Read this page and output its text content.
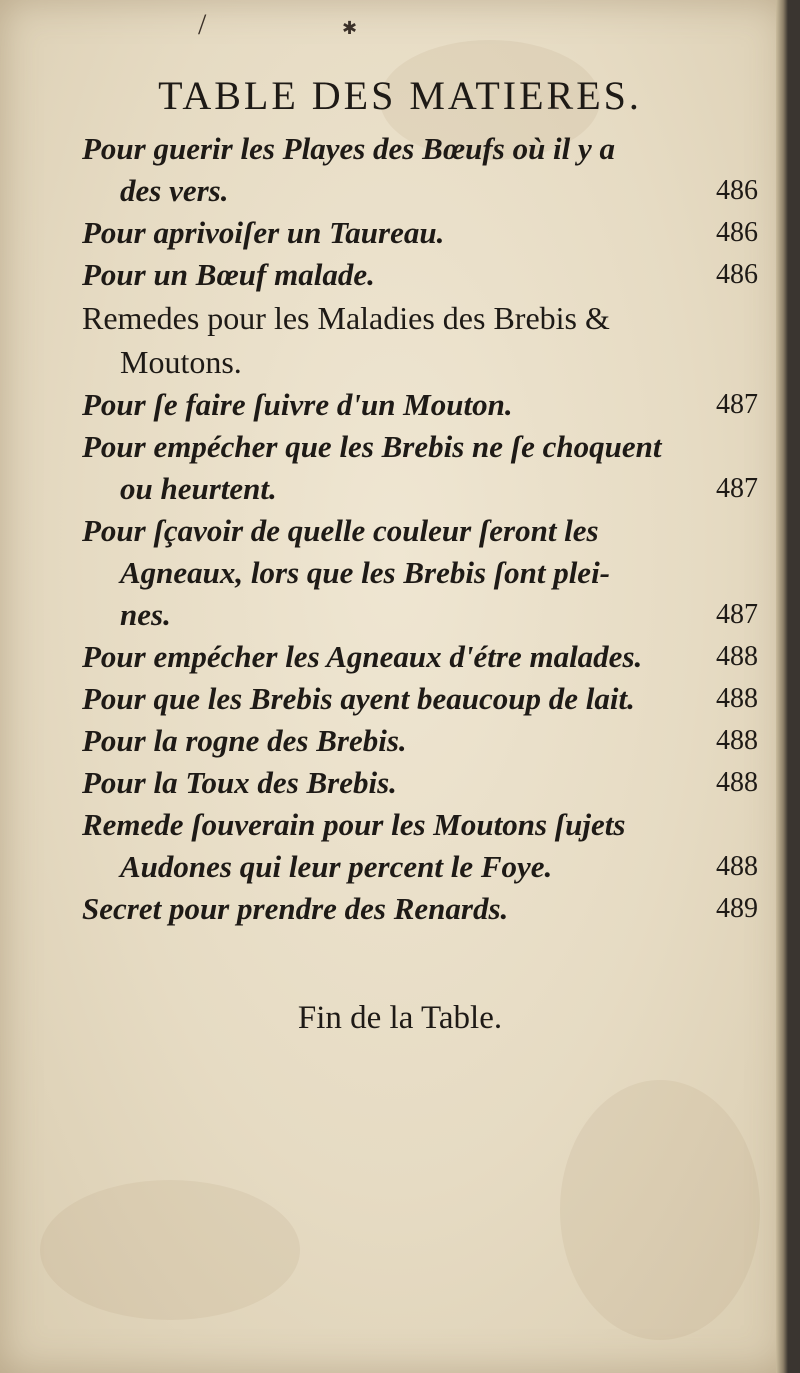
/	✱
TABLE DES MATIERES.
Pour guerir les Playes des Bœufs où il y a
des vers.	486
Pour aprivoiſer un Taureau.	486
Pour un Bœuf malade.	486
Remedes pour les Maladies des Brebis &
Moutons.
Pour ſe faire ſuivre d'un Mouton.	487
Pour empécher que les Brebis ne ſe choquent
ou heurtent.	487
Pour ſçavoir de quelle couleur ſeront les
Agneaux, lors que les Brebis ſont plei-
nes.	487
Pour empécher les Agneaux d'étre malades.	488
Pour que les Brebis ayent beaucoup de lait.	488
Pour la rogne des Brebis.	488
Pour la Toux des Brebis.	488
Remede ſouverain pour les Moutons ſujets
Audones qui leur percent le Foye.	488
Secret pour prendre des Renards.	489
Fin de la Table.
